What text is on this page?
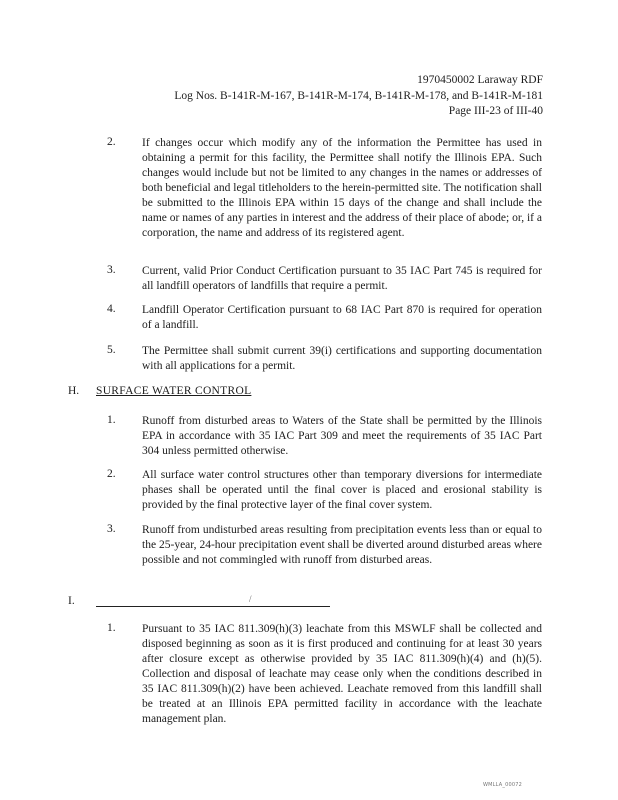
1970450002 Laraway RDF
Log Nos. B-141R-M-167, B-141R-M-174, B-141R-M-178, and B-141R-M-181
Page III-23 of III-40
2. If changes occur which modify any of the information the Permittee has used in obtaining a permit for this facility, the Permittee shall notify the Illinois EPA. Such changes would include but not be limited to any changes in the names or addresses of both beneficial and legal titleholders to the herein-permitted site. The notification shall be submitted to the Illinois EPA within 15 days of the change and shall include the name or names of any parties in interest and the address of their place of abode; or, if a corporation, the name and address of its registered agent.
3. Current, valid Prior Conduct Certification pursuant to 35 IAC Part 745 is required for all landfill operators of landfills that require a permit.
4. Landfill Operator Certification pursuant to 68 IAC Part 870 is required for operation of a landfill.
5. The Permittee shall submit current 39(i) certifications and supporting documentation with all applications for a permit.
H. SURFACE WATER CONTROL
1. Runoff from disturbed areas to Waters of the State shall be permitted by the Illinois EPA in accordance with 35 IAC Part 309 and meet the requirements of 35 IAC Part 304 unless permitted otherwise.
2. All surface water control structures other than temporary diversions for intermediate phases shall be operated until the final cover is placed and erosional stability is provided by the final protective layer of the final cover system.
3. Runoff from undisturbed areas resulting from precipitation events less than or equal to the 25-year, 24-hour precipitation event shall be diverted around disturbed areas where possible and not commingled with runoff from disturbed areas.
I.	/
1. Pursuant to 35 IAC 811.309(h)(3) leachate from this MSWLF shall be collected and disposed beginning as soon as it is first produced and continuing for at least 30 years after closure except as otherwise provided by 35 IAC 811.309(h)(4) and (h)(5). Collection and disposal of leachate may cease only when the conditions described in 35 IAC 811.309(h)(2) have been achieved. Leachate removed from this landfill shall be treated at an Illinois EPA permitted facility in accordance with the leachate management plan.
WMLLA_00072
